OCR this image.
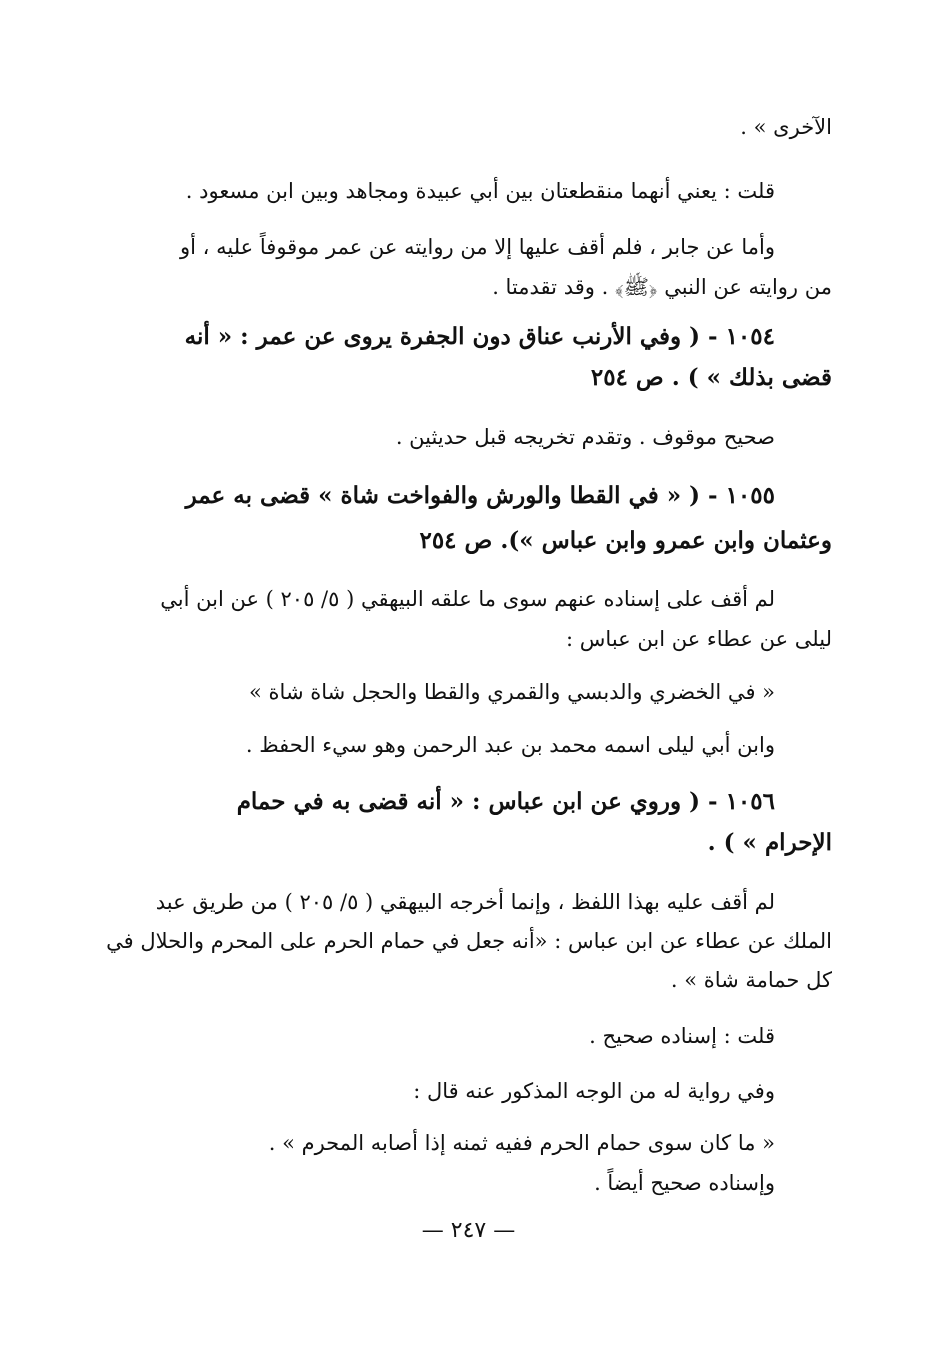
الآخرى » .
قلت : يعني أنهما منقطعتان بين أبي عبيدة ومجاهد وبين ابن مسعود .
وأما عن جابر ، فلم أقف عليها إلا من روايته عن عمر موقوفاً عليه ، أو
من روايته عن النبي ﴿ﷺ﴾ . وقد تقدمتا .
١٠٥٤ - ( وفي الأرنب عناق دون الجفرة يروى عن عمر : « أنه
قضى بذلك » ) . ص ٢٥٤
صحيح موقوف . وتقدم تخريجه قبل حديثين .
١٠٥٥ - ( « في القطا والورش والفواخت شاة » قضى به عمر
وعثمان وابن عمرو وابن عباس »). ص ٢٥٤
لم أقف على إسناده عنهم سوى ما علقه البيهقي ( ٥/ ٢٠٥ ) عن ابن أبي
ليلى عن عطاء عن ابن عباس :
« في الخضري والدبسي والقمري والقطا والحجل شاة شاة »
وابن أبي ليلى اسمه محمد بن عبد الرحمن وهو سيء الحفظ .
١٠٥٦ - ( وروي عن ابن عباس : « أنه قضى به في حمام
الإحرام » ) .
لم أقف عليه بهذا اللفظ ، وإنما أخرجه البيهقي ( ٥/ ٢٠٥ ) من طريق عبد
الملك عن عطاء عن ابن عباس : «أنه جعل في حمام الحرم على المحرم والحلال في
كل حمامة شاة » .
قلت : إسناده صحيح .
وفي رواية له من الوجه المذكور عنه قال :
« ما كان سوى حمام الحرم ففيه ثمنه إذا أصابه المحرم » .
وإسناده صحيح أيضاً .
— ٢٤٧ —
